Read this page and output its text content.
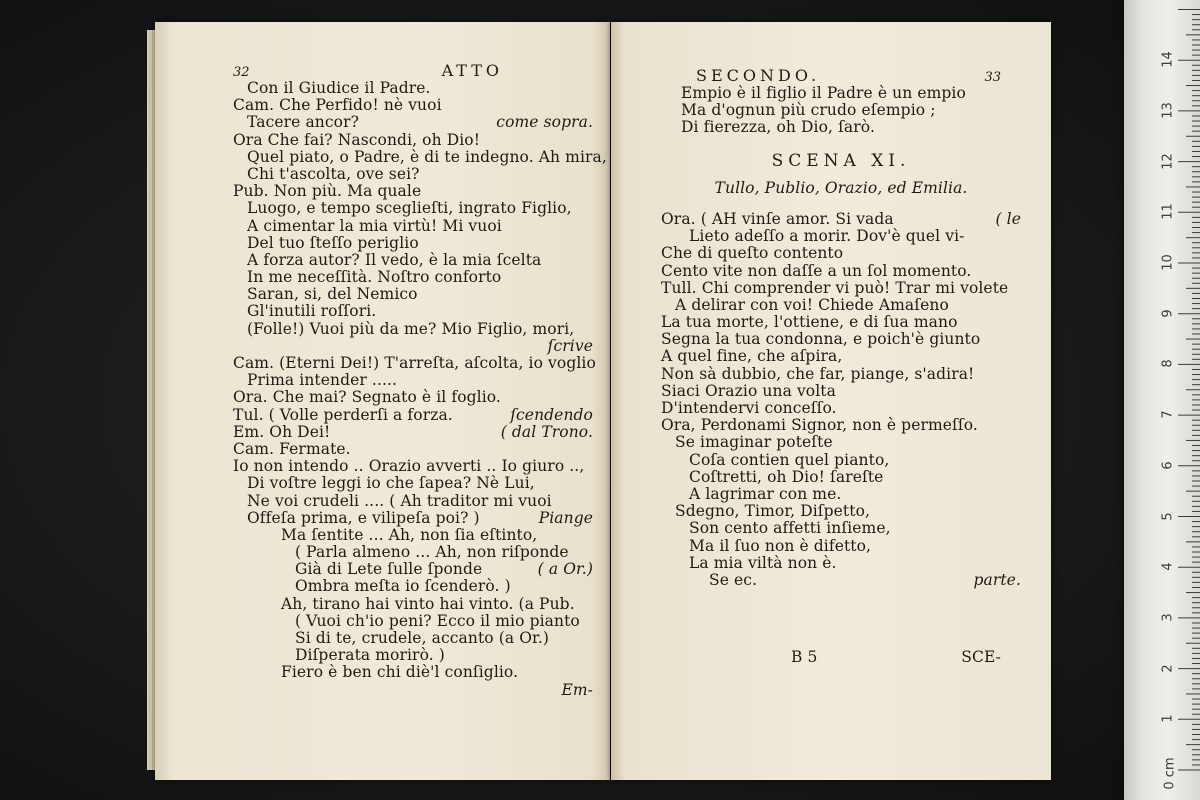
32	ATTO
Con il Giudice il Padre.
Cam. Che Perfido! nè vuoi
Tacere ancor?	come sopra.
Ora Che fai? Nascondi, oh Dio!
Quel piato, o Padre, è di te indegno. Ah mira,
Chi t'ascolta, ove sei?
Pub. Non più. Ma quale
Luogo, e tempo sceglieſti, ingrato Figlio,
A cimentar la mia virtù! Mi vuoi
Del tuo ſteſſo periglio
A forza autor? Il vedo, è la mia ſcelta
In me neceſſità. Noſtro conforto
Saran, si, del Nemico
Gl'inutili roſſori.
(Folle!) Vuoi più da me? Mio Figlio, mori,
ſcrive
Cam. (Eterni Dei!) T'arreſta, aſcolta, io voglio
Prima intender .....
Ora. Che mai? Segnato è il foglio.
Tul. ( Volle perderſi a forza.	ſcendendo
Em. Oh Dei!	( dal Trono.
Cam. Fermate.
Io non intendo .. Orazio avverti .. Io giuro ..,
Di voſtre leggi io che ſapea? Nè Lui,
Ne voi crudeli .... ( Ah traditor mi vuoi
Offeſa prima, e vilipeſa poi? )	Piange
Ma ſentite ... Ah, non ſia eſtinto,
( Parla almeno ... Ah, non riſponde
Già di Lete ſulle ſponde	( a Or.)
Ombra meſta io ſcenderò. )
Ah, tirano hai vinto hai vinto. (a Pub.
( Vuoi ch'io peni? Ecco il mio pianto
Si di te, crudele, accanto (a Or.)
Diſperata morirò. )
Fiero è ben chi diè'l conſiglio.
Em-
SECONDO.	33
Empio è il figlio il Padre è un empio
Ma d'ognun più crudo eſempio ;
Di fierezza, oh Dio, ſarò.
SCENA XI.
Tullo, Publio, Orazio, ed Emilia.
Ora. ( AH vinſe amor. Si vada	( le
Lieto adeſſo a morir. Dov'è quel vi-
Che di queſto contento
Cento vite non daſſe a un ſol momento.
Tull. Chi comprender vi può! Trar mi volete
A delirar con voi! Chiede Amaſeno
La tua morte, l'ottiene, e di ſua mano
Segna la tua condonna, e poich'è giunto
A quel fine, che aſpira,
Non sà dubbio, che far, piange, s'adira!
Siaci Orazio una volta
D'intendervi conceſſo.
Ora, Perdonami Signor, non è permeſſo.
Se imaginar poteſte
Coſa contien quel pianto,
Coſtretti, oh Dio! ſareſte
A lagrimar con me.
Sdegno, Timor, Diſpetto,
Son cento affetti inſieme,
Ma il ſuo non è difetto,
La mia viltà non è.
Se ec.	parte.
B 5	SCE-
0 cm
1
2
3
4
5
6
7
8
9
10
11
12
13
14
